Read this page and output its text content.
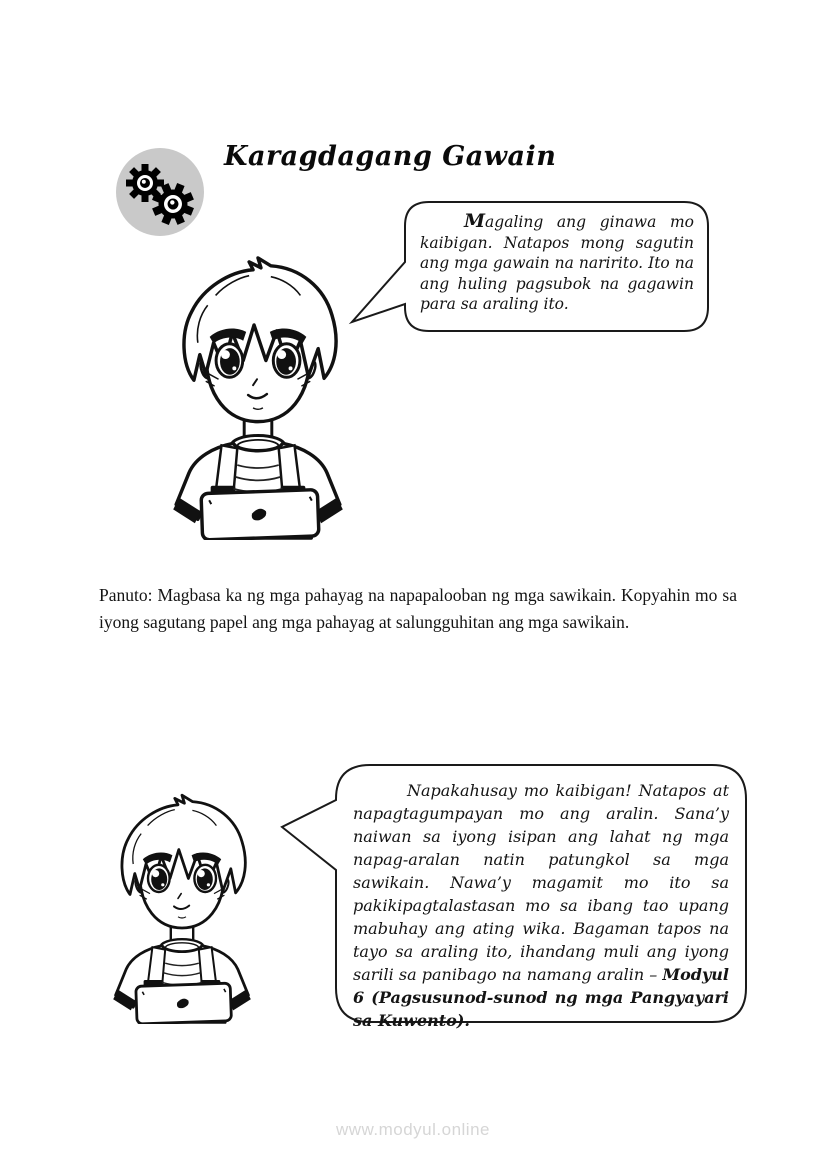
Karagdagang Gawain
Magaling ang ginawa mo kaibigan. Natapos mong sagutin ang mga gawain na naririto. Ito na ang huling pagsubok na gagawin para sa araling ito.
Panuto: Magbasa ka ng mga pahayag na napapalooban ng mga sawikain. Kopyahin mo sa iyong sagutang papel ang mga pahayag at salungguhitan ang mga sawikain.
Napakahusay mo kaibigan! Natapos at napagtagumpayan mo ang aralin. Sana’y naiwan sa iyong isipan ang lahat ng mga napag-aralan natin patungkol sa mga sawikain. Nawa’y magamit mo ito sa pakikipagtalastasan mo sa ibang tao upang mabuhay ang ating wika. Bagaman tapos na tayo sa araling ito, ihandang muli ang iyong sarili sa panibago na namang aralin – Modyul 6 (Pagsusunod-sunod ng mga Pangyayari sa Kuwento).
www.modyul.online
